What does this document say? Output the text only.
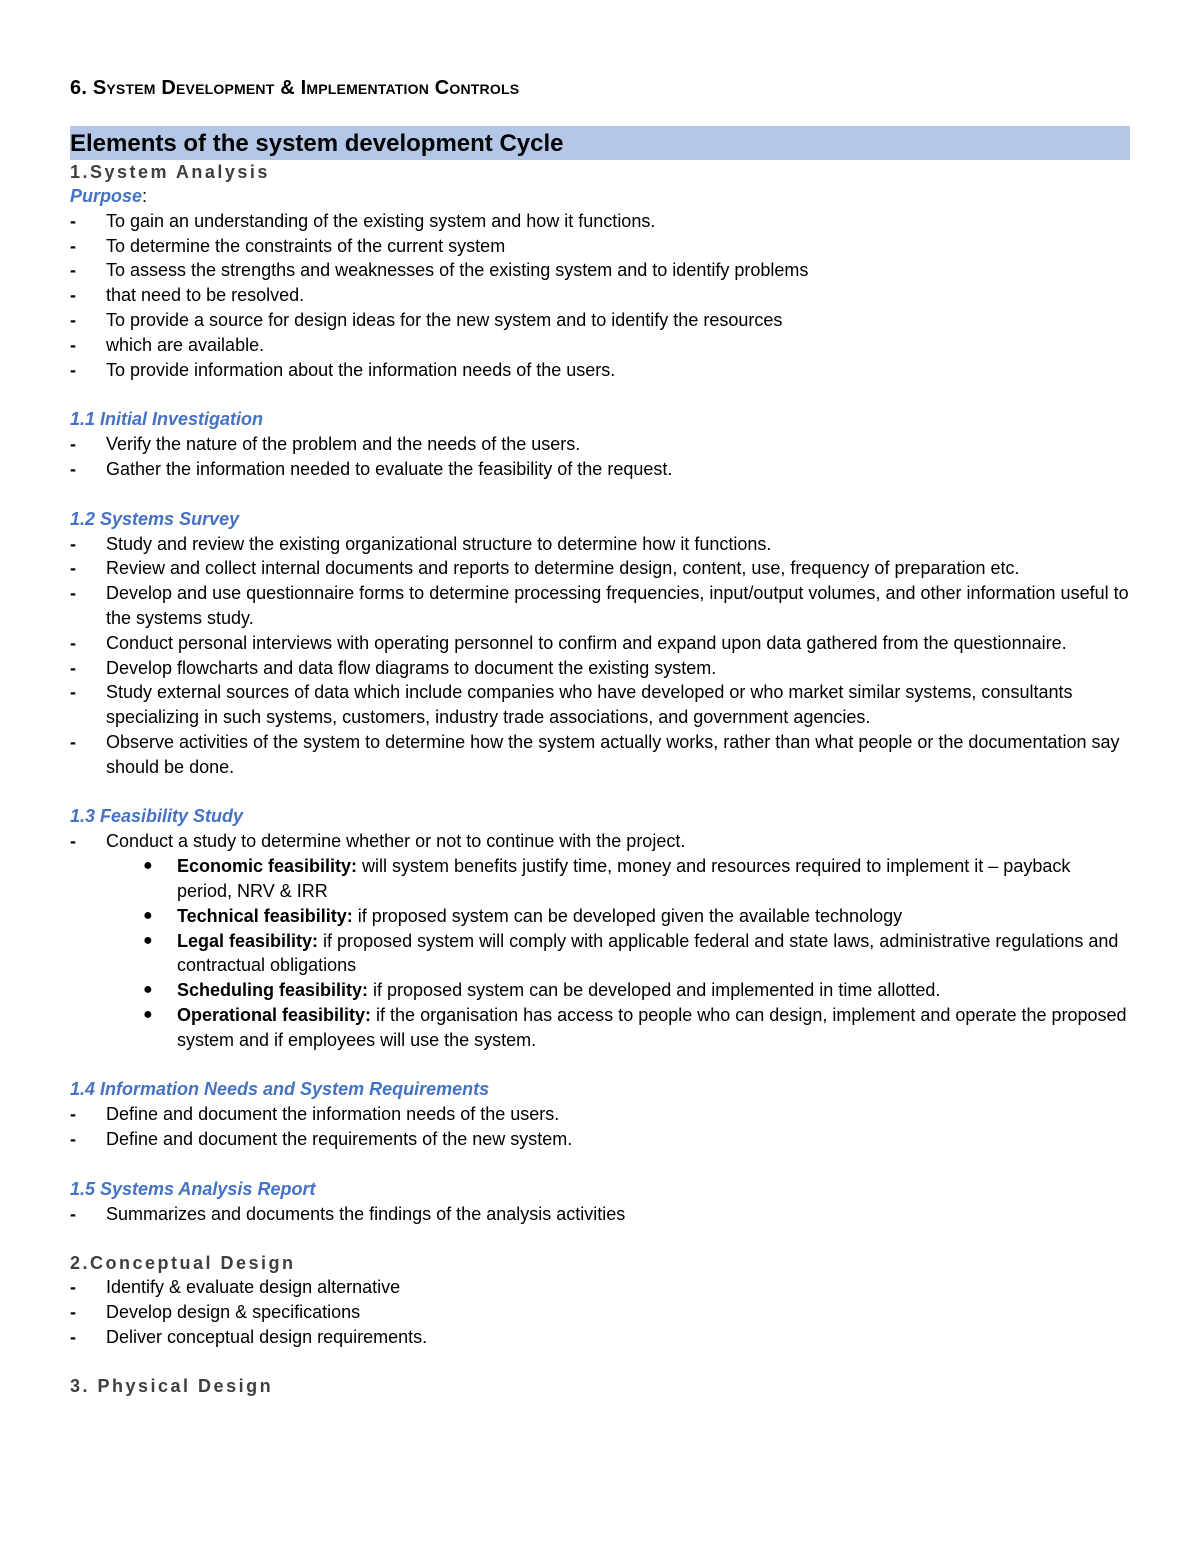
6. System Development & Implementation Controls
Elements of the system development Cycle
1.System Analysis
Purpose:
-	To gain an understanding of the existing system and how it functions.
-	To determine the constraints of the current system
-	To assess the strengths and weaknesses of the existing system and to identify problems
-	that need to be resolved.
-	To provide a source for design ideas for the new system and to identify the resources
-	which are available.
-	To provide information about the information needs of the users.
1.1 Initial Investigation
-	Verify the nature of the problem and the needs of the users.
-	Gather the information needed to evaluate the feasibility of the request.
1.2 Systems Survey
-	Study and review the existing organizational structure to determine how it functions.
-	Review and collect internal documents and reports to determine design, content, use, frequency of preparation etc.
-	Develop and use questionnaire forms to determine processing frequencies, input/output volumes, and other information useful to the systems study.
-	Conduct personal interviews with operating personnel to confirm and expand upon data gathered from the questionnaire.
-	Develop flowcharts and data flow diagrams to document the existing system.
-	Study external sources of data which include companies who have developed or who market similar systems, consultants specializing in such systems, customers, industry trade associations, and government agencies.
-	Observe activities of the system to determine how the system actually works, rather than what people or the documentation say should be done.
1.3 Feasibility Study
-	Conduct a study to determine whether or not to continue with the project.
●	Economic feasibility: will system benefits justify time, money and resources required to implement it – payback period, NRV & IRR
●	Technical feasibility: if proposed system can be developed given the available technology
●	Legal feasibility: if proposed system will comply with applicable federal and state laws, administrative regulations and contractual obligations
●	Scheduling feasibility: if proposed system can be developed and implemented in time allotted.
●	Operational feasibility: if the organisation has access to people who can design, implement and operate the proposed system and if employees will use the system.
1.4 Information Needs and System Requirements
-	Define and document the information needs of the users.
-	Define and document the requirements of the new system.
1.5 Systems Analysis Report
-	Summarizes and documents the findings of the analysis activities
2.Conceptual Design
-	Identify & evaluate design alternative
-	Develop design & specifications
-	Deliver conceptual design requirements.
3. Physical Design
